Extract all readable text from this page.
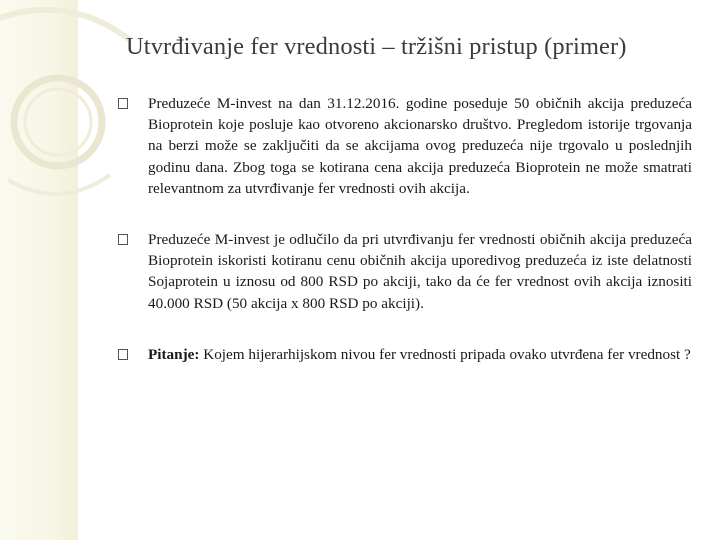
Utvrđivanje fer vrednosti – tržišni pristup (primer)
Preduzeće M-invest na dan 31.12.2016. godine poseduje 50 običnih akcija preduzeća Bioprotein koje posluje kao otvoreno akcionarsko društvo. Pregledom istorije trgovanja na berzi može se zaključiti da se akcijama ovog preduzeća nije trgovalo u poslednjih godinu dana. Zbog toga se kotirana cena akcija preduzeća Bioprotein ne može smatrati relevantnom za utvrđivanje fer vrednosti ovih akcija.
Preduzeće M-invest je odlučilo da pri utvrđivanju fer vrednosti običnih akcija preduzeća Bioprotein iskoristi kotiranu cenu običnih akcija uporedivog preduzeća iz iste delatnosti Sojaprotein u iznosu od 800 RSD po akciji, tako da će fer vrednost ovih akcija iznositi 40.000 RSD (50 akcija x 800 RSD po akciji).
Pitanje: Kojem hijerarhijskom nivou fer vrednosti pripada ovako utvrđena fer vrednost ?
